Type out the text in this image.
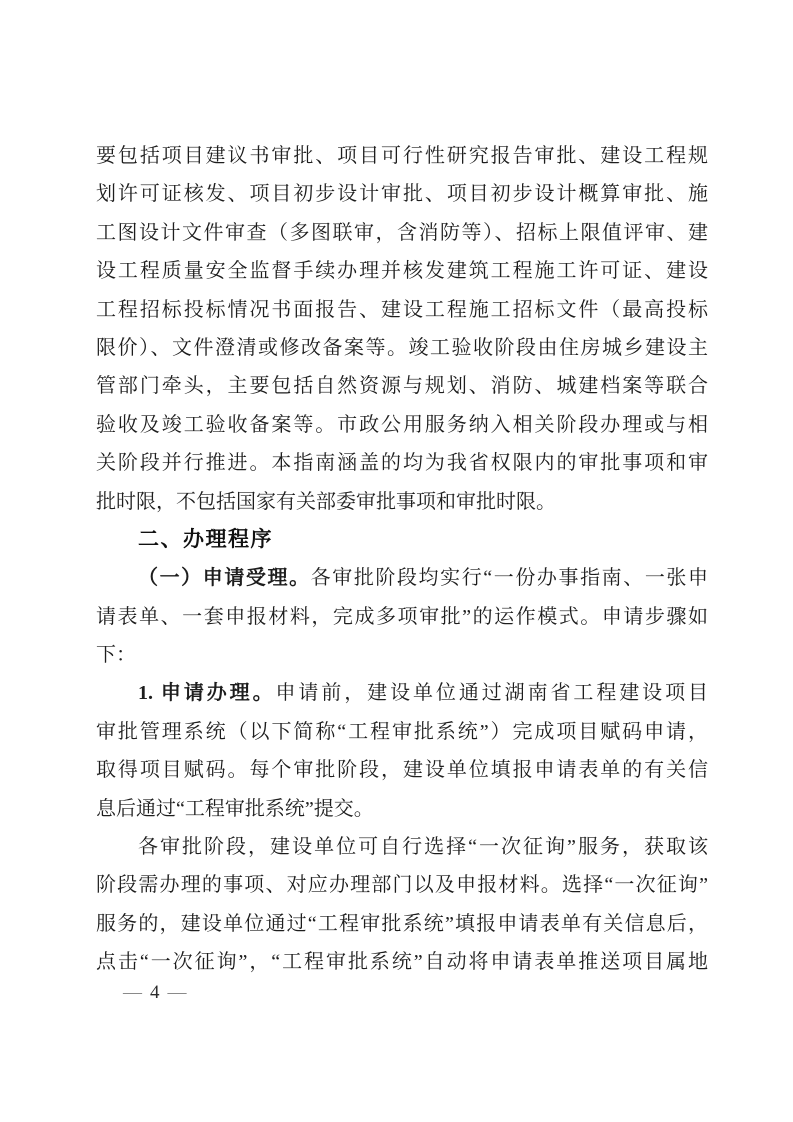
要包括项目建议书审批、项目可行性研究报告审批、建设工程规
划许可证核发、项目初步设计审批、项目初步设计概算审批、施
工图设计文件审查（多图联审，含消防等）、招标上限值评审、建
设工程质量安全监督手续办理并核发建筑工程施工许可证、建设
工程招标投标情况书面报告、建设工程施工招标文件（最高投标
限价）、文件澄清或修改备案等。竣工验收阶段由住房城乡建设主
管部门牵头，主要包括自然资源与规划、消防、城建档案等联合
验收及竣工验收备案等。市政公用服务纳入相关阶段办理或与相
关阶段并行推进。本指南涵盖的均为我省权限内的审批事项和审
批时限，不包括国家有关部委审批事项和审批时限。
二、办理程序
（一）申请受理。各审批阶段均实行“一份办事指南、一张申
请表单、一套申报材料，完成多项审批”的运作模式。申请步骤如
下：
1. 申请办理。申请前，建设单位通过湖南省工程建设项目
审批管理系统（以下简称“工程审批系统”）完成项目赋码申请，
取得项目赋码。每个审批阶段，建设单位填报申请表单的有关信
息后通过“工程审批系统”提交。
各审批阶段，建设单位可自行选择“一次征询”服务，获取该
阶段需办理的事项、对应办理部门以及申报材料。选择“一次征询”
服务的，建设单位通过“工程审批系统”填报申请表单有关信息后，
点击“一次征询”，“工程审批系统”自动将申请表单推送项目属地
— 4 —
